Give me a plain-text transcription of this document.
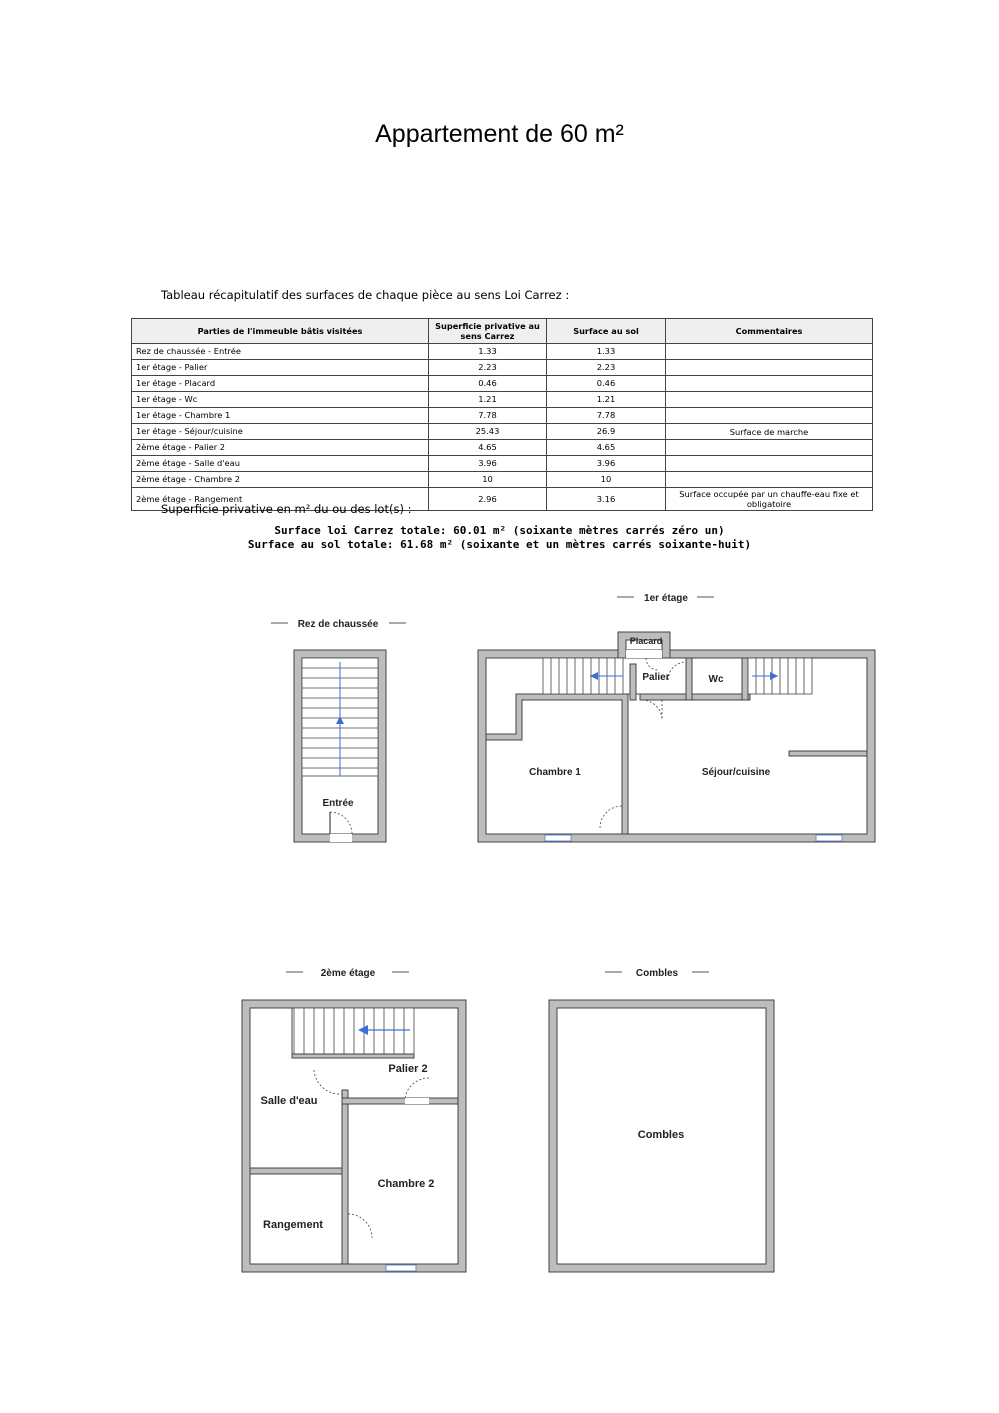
Appartement de 60 m²
Tableau récapitulatif des surfaces de chaque pièce au sens Loi Carrez :
Parties de l'immeuble bâtis visitées	Superficie privative au sens Carrez	Surface au sol	Commentaires
Rez de chaussée - Entrée	1.33	1.33	
1er étage - Palier	2.23	2.23	
1er étage - Placard	0.46	0.46	
1er étage - Wc	1.21	1.21	
1er étage - Chambre 1	7.78	7.78	
1er étage - Séjour/cuisine	25.43	26.9	Surface de marche
2ème étage - Palier 2	4.65	4.65	
2ème étage - Salle d'eau	3.96	3.96	
2ème étage - Chambre 2	10	10	
2ème étage - Rangement	2.96	3.16	Surface occupée par un chauffe-eau fixe et obligatoire
Superficie privative en m² du ou des lot(s) :
Surface loi Carrez totale: 60.01 m² (soixante mètres carrés zéro un)
Surface au sol totale: 61.68 m² (soixante et un mètres carrés soixante-huit)
Rez de chaussée
Entrée
1er étage
Placard
Palier	Wc
Chambre 1	Séjour/cuisine
2ème étage
Palier 2
Salle d'eau
Chambre 2
Rangement
Combles
Combles
